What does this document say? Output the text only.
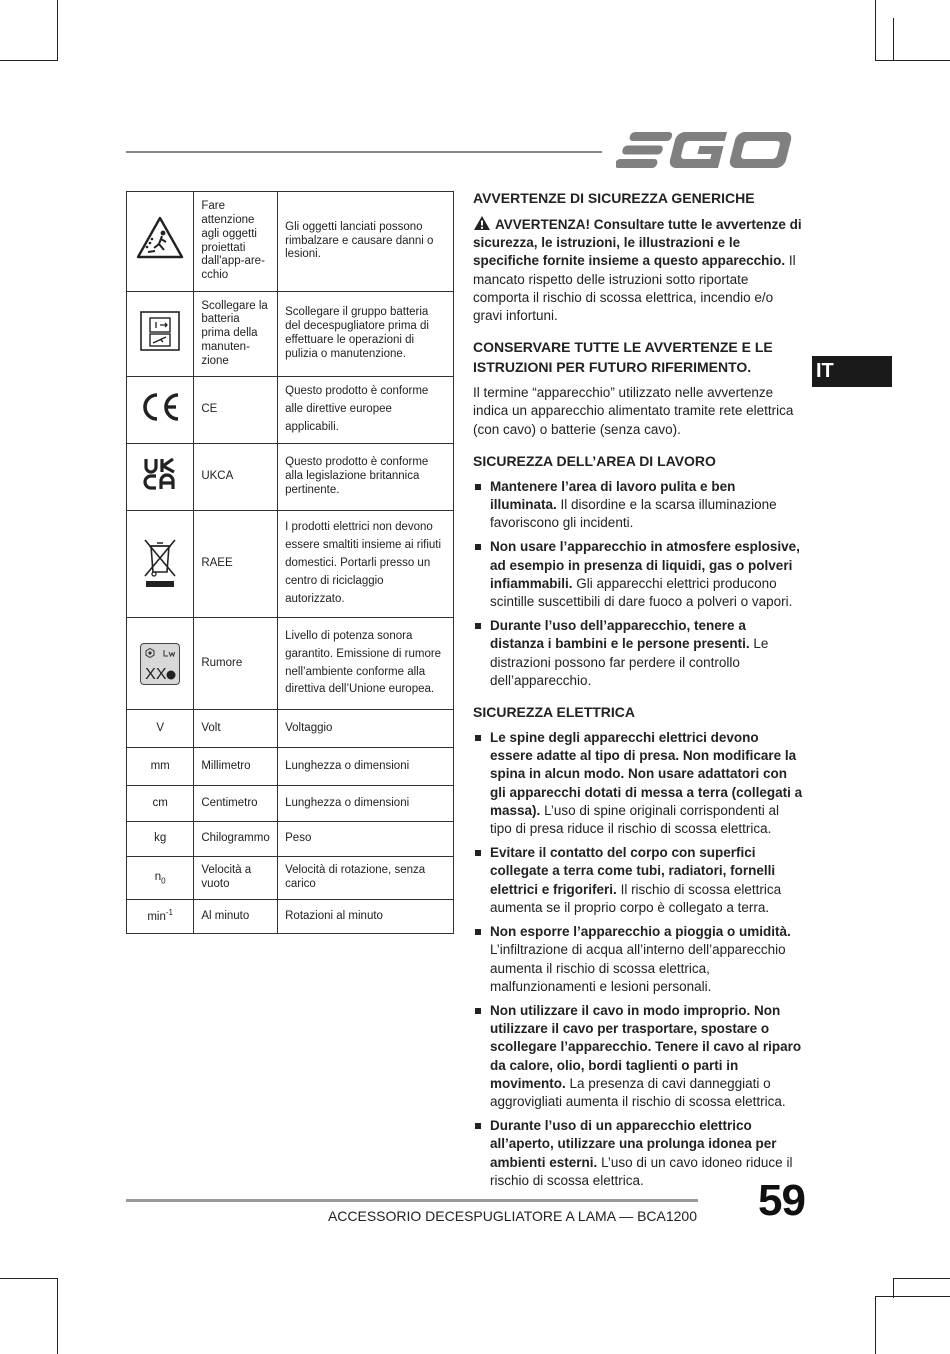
	Fare attenzione agli oggetti proiettati dall'app-are-cchio	Gli oggetti lanciati possono rimbalzare e causare danni o lesioni.
	Scollegare la batteria prima della manuten-zione	Scollegare il gruppo batteria del decespugliatore prima di effettuare le operazioni di pulizia o manutenzione.
	CE	Questo prodotto è conforme alle direttive europee applicabili.
	UKCA	Questo prodotto è conforme alla legislazione britannica pertinente.
	RAEE	I prodotti elettrici non devono essere smaltiti insieme ai rifiuti domestici. Portarli presso un centro di riciclaggio autorizzato.

XX	Rumore	Livello di potenza sonora garantito. Emissione di rumore nell’ambiente conforme alla direttiva dell’Unione europea.
V	Volt	Voltaggio
mm	Millimetro	Lunghezza o dimensioni
cm	Centimetro	Lunghezza o dimensioni
kg	Chilogrammo	Peso
$n_0$	Velocità a vuoto	Velocità di rotazione, senza carico
$\min^{-1}$	Al minuto	Rotazioni al minuto
IT
AVVERTENZE DI SICUREZZA GENERICHE

AVVERTENZA! Consultare tutte le avvertenze di sicurezza, le istruzioni, le illustrazioni e le specifiche fornite insieme a questo apparecchio. Il mancato rispetto delle istruzioni sotto riportate comporta il rischio di scossa elettrica, incendio e/o gravi infortuni.

CONSERVARE TUTTE LE AVVERTENZE E LE ISTRUZIONI PER FUTURO RIFERIMENTO.

Il termine “apparecchio” utilizzato nelle avvertenze indica un apparecchio alimentato tramite rete elettrica (con cavo) o batterie (senza cavo).

SICUREZZA DELL’AREA DI LAVORO
Mantenere l’area di lavoro pulita e ben illuminata. Il disordine e la scarsa illuminazione favoriscono gli incidenti.
Non usare l’apparecchio in atmosfere esplosive, ad esempio in presenza di liquidi, gas o polveri infiammabili. Gli apparecchi elettrici producono scintille suscettibili di dare fuoco a polveri o vapori.
Durante l’uso dell’apparecchio, tenere a distanza i bambini e le persone presenti. Le distrazioni possono far perdere il controllo dell’apparecchio.
SICUREZZA ELETTRICA
Le spine degli apparecchi elettrici devono essere adatte al tipo di presa. Non modificare la spina in alcun modo. Non usare adattatori con gli apparecchi dotati di messa a terra (collegati a massa). L’uso di spine originali corrispondenti al tipo di presa riduce il rischio di scossa elettrica.
Evitare il contatto del corpo con superfici collegate a terra come tubi, radiatori, fornelli elettrici e frigoriferi. Il rischio di scossa elettrica aumenta se il proprio corpo è collegato a terra.
Non esporre l’apparecchio a pioggia o umidità. L’infiltrazione di acqua all’interno dell’apparecchio aumenta il rischio di scossa elettrica, malfunzionamenti e lesioni personali.
Non utilizzare il cavo in modo improprio. Non utilizzare il cavo per trasportare, spostare o scollegare l’apparecchio. Tenere il cavo al riparo da calore, olio, bordi taglienti o parti in movimento. La presenza di cavi danneggiati o aggrovigliati aumenta il rischio di scossa elettrica.
Durante l’uso di un apparecchio elettrico all’aperto, utilizzare una prolunga idonea per ambienti esterni. L’uso di un cavo idoneo riduce il rischio di scossa elettrica.
ACCESSORIO DECESPUGLIATORE A LAMA — BCA1200 59
